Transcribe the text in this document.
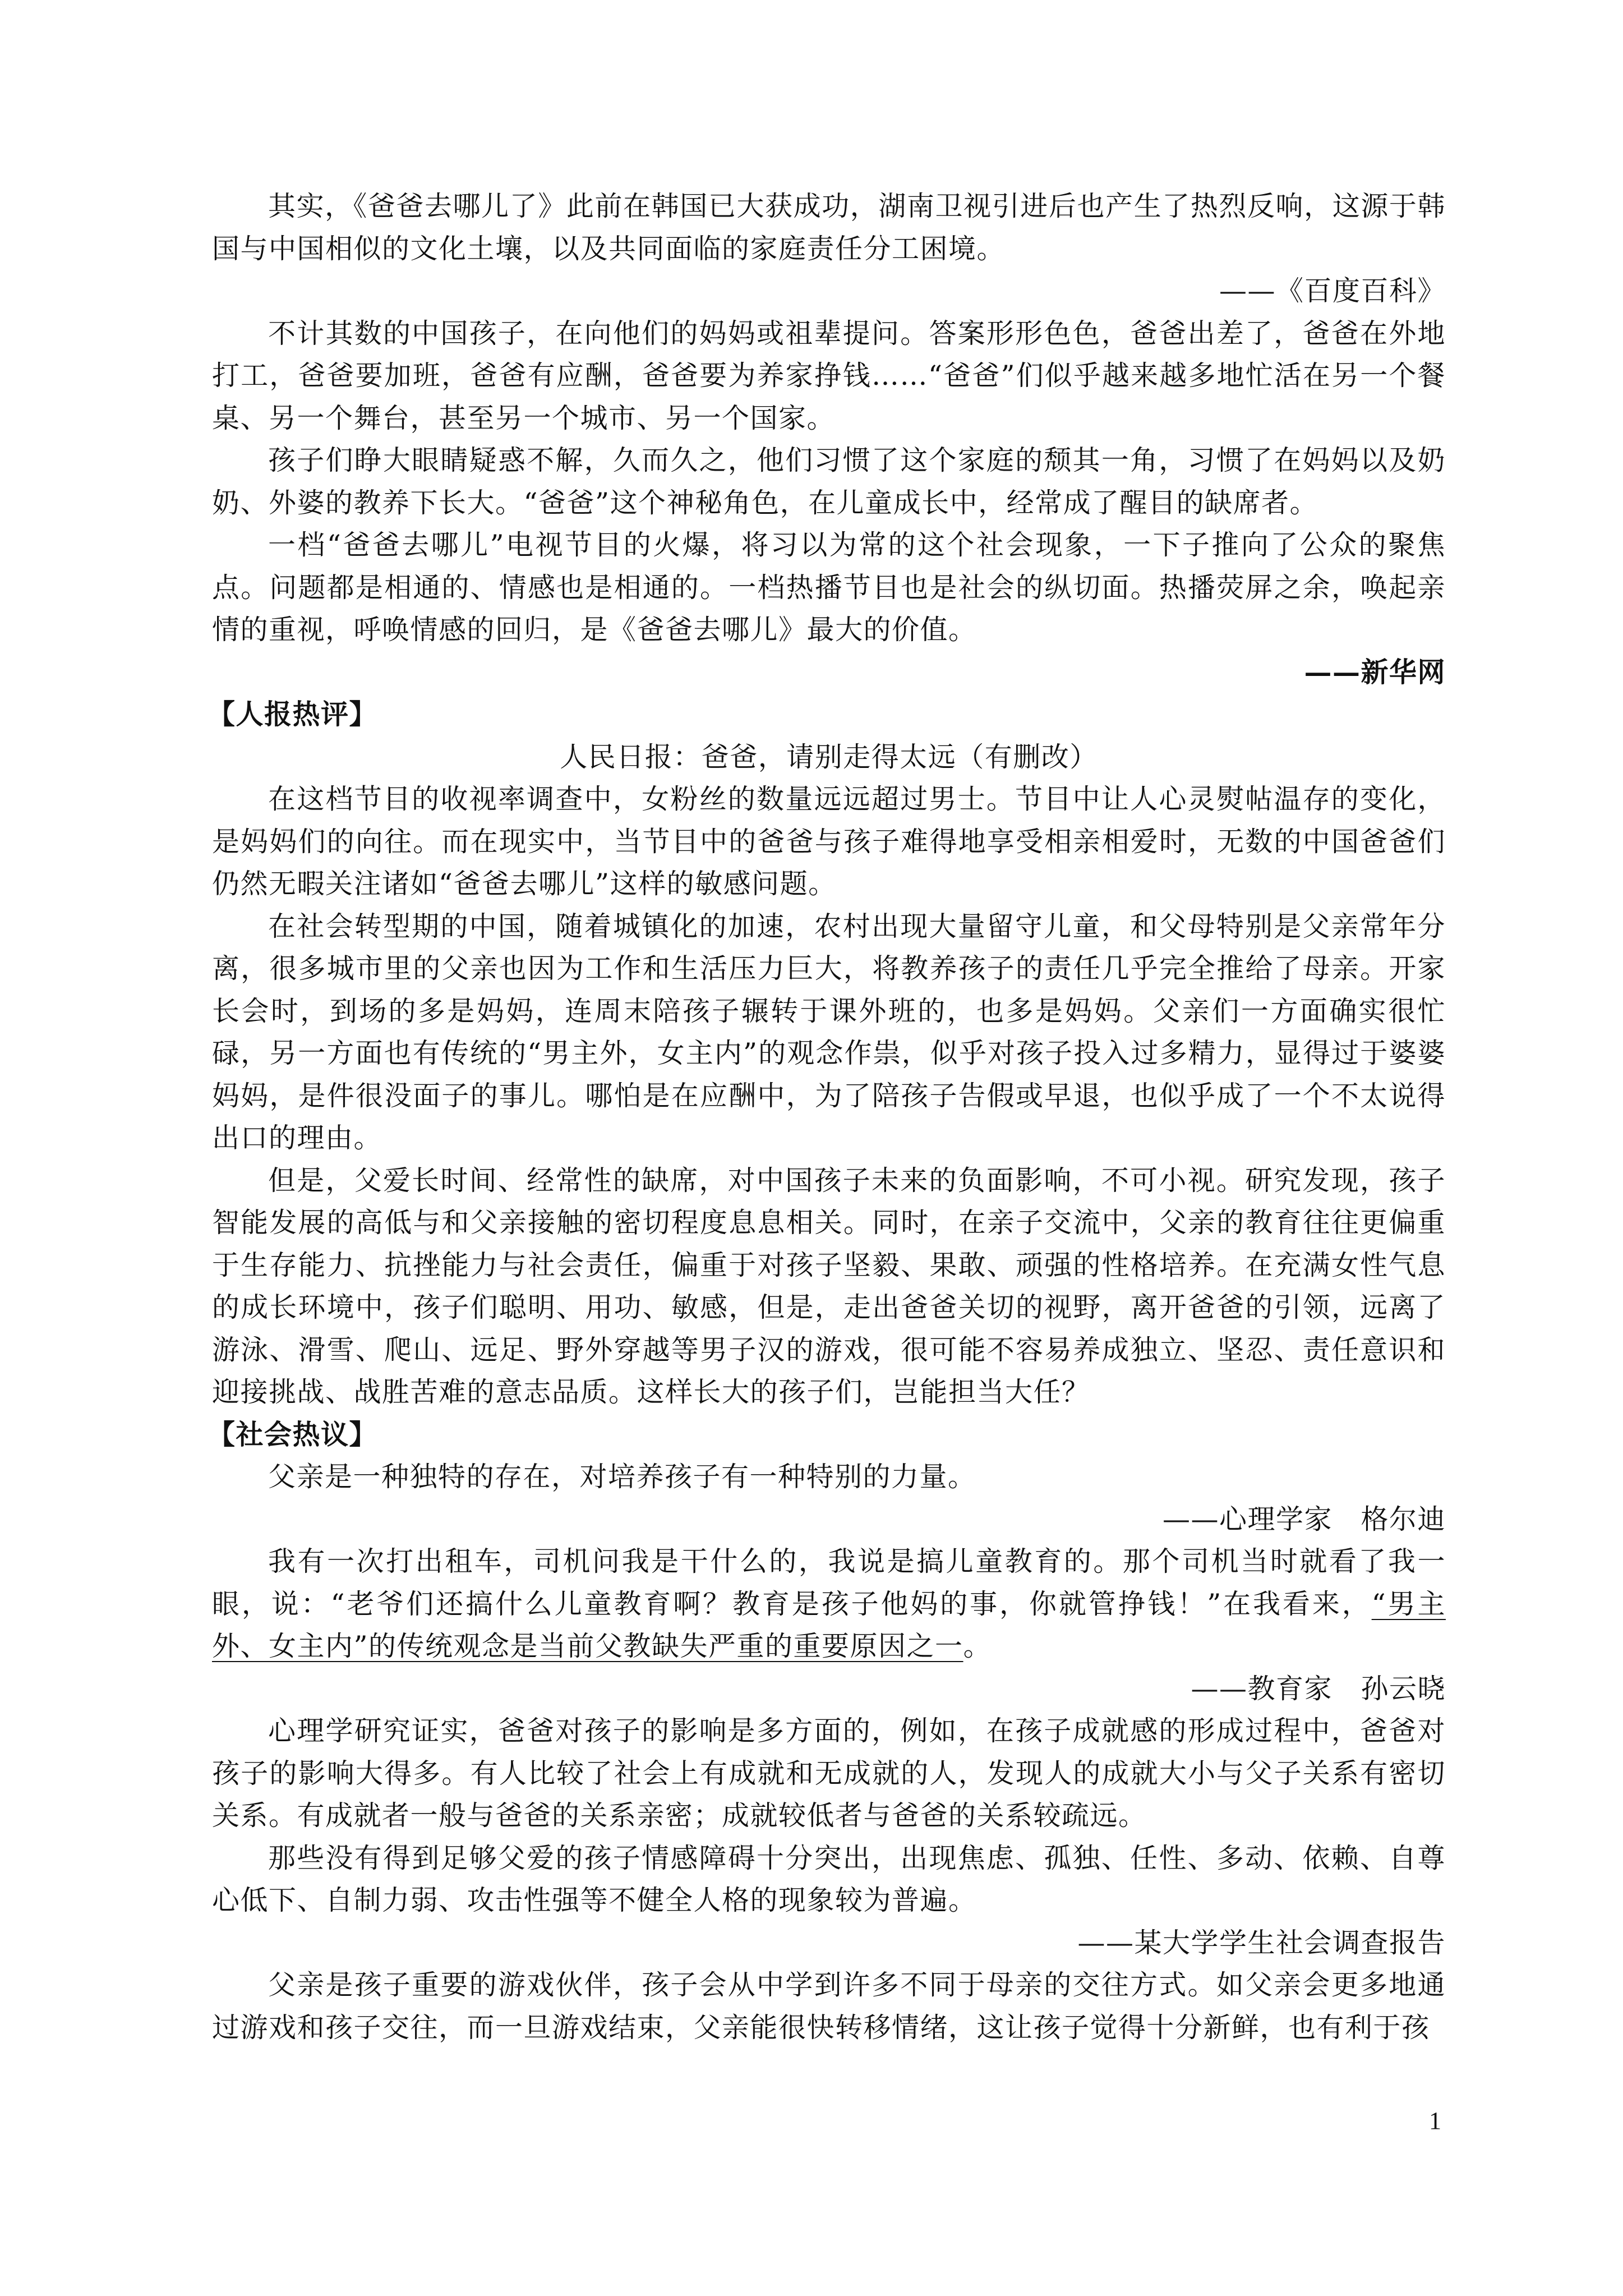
其实，《爸爸去哪儿了》此前在韩国已大获成功，湖南卫视引进后也产生了热烈反响，这源于韩国与中国相似的文化土壤，以及共同面临的家庭责任分工困境。

——《百度百科》

不计其数的中国孩子，在向他们的妈妈或祖辈提问。答案形形色色，爸爸出差了，爸爸在外地打工，爸爸要加班，爸爸有应酬，爸爸要为养家挣钱……“爸爸”们似乎越来越多地忙活在另一个餐桌、另一个舞台，甚至另一个城市、另一个国家。

孩子们睁大眼睛疑惑不解，久而久之，他们习惯了这个家庭的颓其一角，习惯了在妈妈以及奶奶、外婆的教养下长大。“爸爸”这个神秘角色，在儿童成长中，经常成了醒目的缺席者。

一档“爸爸去哪儿”电视节目的火爆，将习以为常的这个社会现象，一下子推向了公众的聚焦点。问题都是相通的、情感也是相通的。一档热播节目也是社会的纵切面。热播荧屏之余，唤起亲情的重视，呼唤情感的回归，是《爸爸去哪儿》最大的价值。

——新华网

【人报热评】

人民日报：爸爸，请别走得太远（有删改）

在这档节目的收视率调查中，女粉丝的数量远远超过男士。节目中让人心灵熨帖温存的变化，是妈妈们的向往。而在现实中，当节目中的爸爸与孩子难得地享受相亲相爱时，无数的中国爸爸们仍然无暇关注诸如“爸爸去哪儿”这样的敏感问题。

在社会转型期的中国，随着城镇化的加速，农村出现大量留守儿童，和父母特别是父亲常年分离，很多城市里的父亲也因为工作和生活压力巨大，将教养孩子的责任几乎完全推给了母亲。开家长会时，到场的多是妈妈，连周末陪孩子辗转于课外班的，也多是妈妈。父亲们一方面确实很忙碌，另一方面也有传统的“男主外，女主内”的观念作祟，似乎对孩子投入过多精力，显得过于婆婆妈妈，是件很没面子的事儿。哪怕是在应酬中，为了陪孩子告假或早退，也似乎成了一个不太说得出口的理由。

但是，父爱长时间、经常性的缺席，对中国孩子未来的负面影响，不可小视。研究发现，孩子智能发展的高低与和父亲接触的密切程度息息相关。同时，在亲子交流中，父亲的教育往往更偏重于生存能力、抗挫能力与社会责任，偏重于对孩子坚毅、果敢、顽强的性格培养。在充满女性气息的成长环境中，孩子们聪明、用功、敏感，但是，走出爸爸关切的视野，离开爸爸的引领，远离了游泳、滑雪、爬山、远足、野外穿越等男子汉的游戏，很可能不容易养成独立、坚忍、责任意识和迎接挑战、战胜苦难的意志品质。这样长大的孩子们，岂能担当大任？

【社会热议】

父亲是一种独特的存在，对培养孩子有一种特别的力量。

——心理学家　格尔迪

我有一次打出租车，司机问我是干什么的，我说是搞儿童教育的。那个司机当时就看了我一眼，说：“老爷们还搞什么儿童教育啊？教育是孩子他妈的事，你就管挣钱！”在我看来，“男主外、女主内”的传统观念是当前父教缺失严重的重要原因之一。

——教育家　孙云晓

心理学研究证实，爸爸对孩子的影响是多方面的，例如，在孩子成就感的形成过程中，爸爸对孩子的影响大得多。有人比较了社会上有成就和无成就的人，发现人的成就大小与父子关系有密切关系。有成就者一般与爸爸的关系亲密；成就较低者与爸爸的关系较疏远。

那些没有得到足够父爱的孩子情感障碍十分突出，出现焦虑、孤独、任性、多动、依赖、自尊心低下、自制力弱、攻击性强等不健全人格的现象较为普遍。

——某大学学生社会调查报告

父亲是孩子重要的游戏伙伴，孩子会从中学到许多不同于母亲的交往方式。如父亲会更多地通过游戏和孩子交往，而一旦游戏结束，父亲能很快转移情绪，这让孩子觉得十分新鲜，也有利于孩

1
